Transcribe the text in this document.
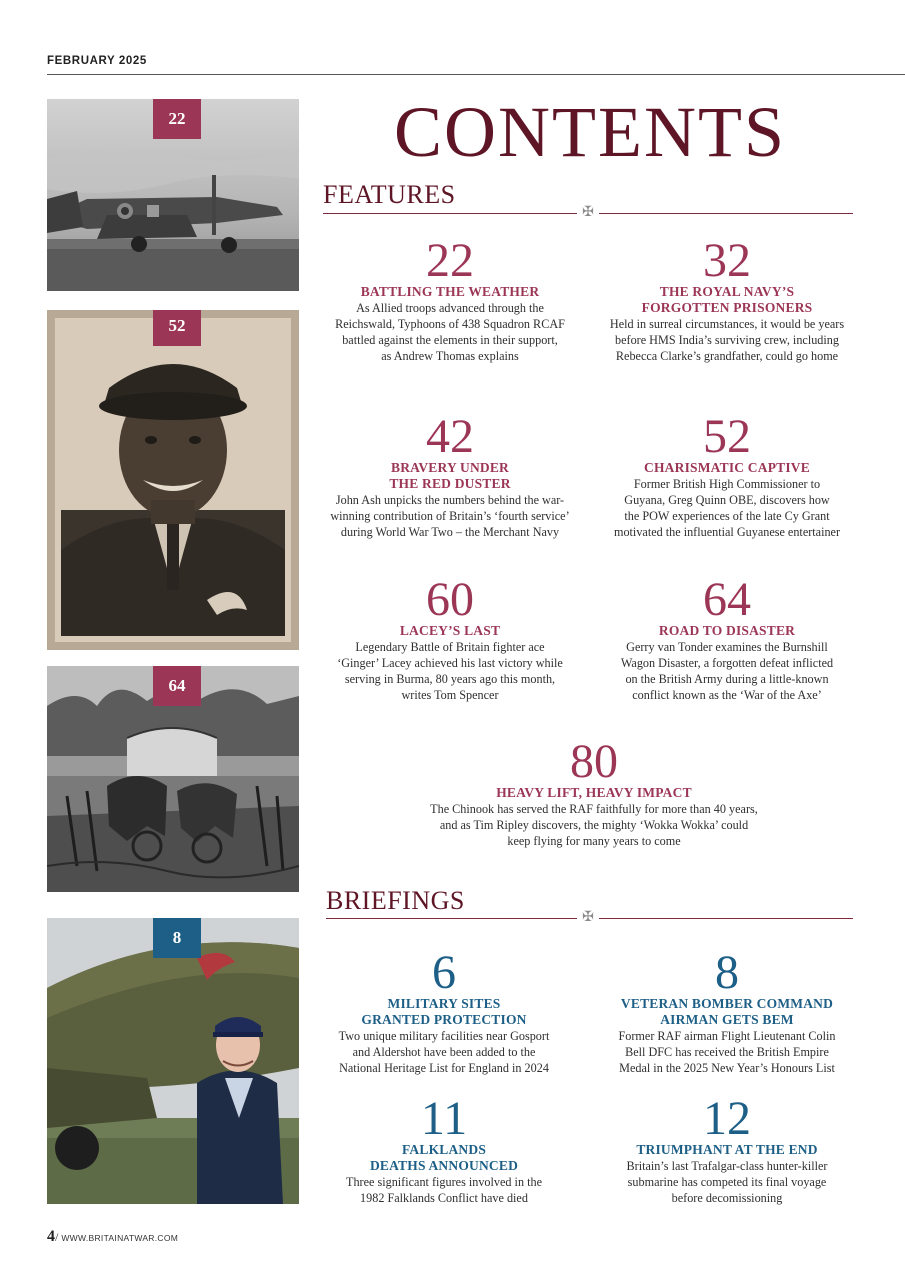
FEBRUARY 2025
22
52
64
8
CONTENTS
FEATURES
✠
22
BATTLING THE WEATHER
As Allied troops advanced through the
Reichswald, Typhoons of 438 Squadron RCAF
battled against the elements in their support,
as Andrew Thomas explains
32
THE ROYAL NAVY’S
FORGOTTEN PRISONERS
Held in surreal circumstances, it would be years
before HMS India’s surviving crew, including
Rebecca Clarke’s grandfather, could go home
42
BRAVERY UNDER
THE RED DUSTER
John Ash unpicks the numbers behind the war-
winning contribution of Britain’s ‘fourth service’
during World War Two – the Merchant Navy
52
CHARISMATIC CAPTIVE
Former British High Commissioner to
Guyana, Greg Quinn OBE, discovers how
the POW experiences of the late Cy Grant
motivated the influential Guyanese entertainer
60
LACEY’S LAST
Legendary Battle of Britain fighter ace
‘Ginger’ Lacey achieved his last victory while
serving in Burma, 80 years ago this month,
writes Tom Spencer
64
ROAD TO DISASTER
Gerry van Tonder examines the Burnshill
Wagon Disaster, a forgotten defeat inflicted
on the British Army during a little-known
conflict known as the ‘War of the Axe’
80
HEAVY LIFT, HEAVY IMPACT
The Chinook has served the RAF faithfully for more than 40 years,
and as Tim Ripley discovers, the mighty ‘Wokka Wokka’ could
keep flying for many years to come
BRIEFINGS
✠
6
MILITARY SITES
GRANTED PROTECTION
Two unique military facilities near Gosport
and Aldershot have been added to the
National Heritage List for England in 2024
8
VETERAN BOMBER COMMAND
AIRMAN GETS BEM
Former RAF airman Flight Lieutenant Colin
Bell DFC has received the British Empire
Medal in the 2025 New Year’s Honours List
11
FALKLANDS
DEATHS ANNOUNCED
Three significant figures involved in the
1982 Falklands Conflict have died
12
TRIUMPHANT AT THE END
Britain’s last Trafalgar-class hunter-killer
submarine has competed its final voyage
before decomissioning
4/ WWW.BRITAINATWAR.COM
